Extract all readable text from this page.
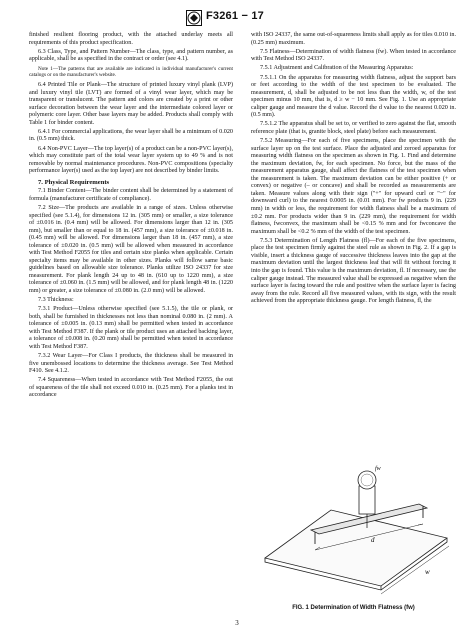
F3261 − 17

finished resilient flooring product, with the attached underlay meets all requirements of this product specification.

6.3 Class, Type, and Pattern Number—The class, type, and pattern number, as applicable, shall be as specified in the contract or order (see 4.1).

Note 1—The patterns that are available are indicated in individual manufacturer's current catalogs or on the manufacturer's website.

6.4 Printed Tile or Plank—The structure of printed luxury vinyl plank (LVP) and luxury vinyl tile (LVT) are formed of a vinyl wear layer, which may be transparent or translucent. The pattern and colors are created by a print or other surface decoration between the wear layer and the intermediate colored layer or polymeric core layer. Other base layers may be added. Products shall comply with Table 1 for binder content.

6.4.1 For commercial applications, the wear layer shall be a minimum of 0.020 in. (0.5 mm) thick.

6.4 Non-PVC Layer—The top layer(s) of a product can be a non-PVC layer(s), which may constitute part of the total wear layer system up to 49 % and is not removable by normal maintenance procedures. Non-PVC compositions (specialty performance layer(s) used as the top layer) are not described by binder limits.

7. Physical Requirements

7.1 Binder Content—The binder content shall be determined by a statement of formula (manufacturer certificate of compliance).

7.2 Size—The products are available in a range of sizes. Unless otherwise specified (see 5.1.4), for dimensions 12 in. (305 mm) or smaller, a size tolerance of ±0.016 in. (0.4 mm) will be allowed. For dimensions larger than 12 in. (305 mm), but smaller than or equal to 18 in. (457 mm), a size tolerance of ±0.018 in. (0.45 mm) will be allowed. For dimensions larger than 18 in. (457 mm), a size tolerance of ±0.020 in. (0.5 mm) will be allowed when measured in accordance with Test Method F2055 for tiles and certain size planks when applicable. Certain specialty items may be available in other sizes. Planks will follow same basic guidelines based on allowable size tolerance. Planks utilize ISO 24337 for size measurement. For plank length 24 up to 48 in. (610 up to 1220 mm), a size tolerance of ±0.060 in. (1.5 mm) will be allowed, and for plank length 48 in. (1220 mm) or greater, a size tolerance of ±0.080 in. (2.0 mm) will be allowed.

7.3 Thickness:

7.3.1 Product—Unless otherwise specified (see 5.1.5), the tile or plank, or both, shall be furnished in thicknesses not less than nominal 0.080 in. (2 mm). A tolerance of ±0.005 in. (0.13 mm) shall be permitted when tested in accordance with Test Method F387. If the plank or tile product uses an attached backing layer, a tolerance of ±0.008 in. (0.20 mm) shall be permitted when tested in accordance with Test Method F387.

7.3.2 Wear Layer—For Class I products, the thickness shall be measured in five unembossed locations to determine the thickness average. See Test Method F410. See 4.1.2.

7.4 Squareness—When tested in accordance with Test Method F2055, the out of squareness of the tile shall not exceed 0.010 in. (0.25 mm). For a planks test in accordance

with ISO 24337, the same out-of-squareness limits shall apply as for tiles 0.010 in. (0.25 mm) maximum.

7.5 Flatness—Determination of width flatness (fw). When tested in accordance with Test Method ISO 24337.

7.5.1 Adjustment and Calibration of the Measuring Apparatus:

7.5.1.1 On the apparatus for measuring width flatness, adjust the support bars or feet according to the width of the test specimen to be evaluated. The measurement, d, shall be adjusted to be not less than the width, w, of the test specimen minus 10 mm, that is, d ≥ w − 10 mm. See Fig. 1. Use an appropriate caliper gauge and measure the d value. Record the d value to the nearest 0.020 in. (0.5 mm).

7.5.1.2 The apparatus shall be set to, or verified to zero against the flat, smooth reference plate (that is, granite block, steel plate) before each measurement.

7.5.2 Measuring—For each of five specimens, place the specimen with the surface layer up on the test surface. Place the adjusted and zeroed apparatus for measuring width flatness on the specimen as shown in Fig. 1. Find and determine the maximum deviation, fw, for each specimen. No force, but the mass of the measurement apparatus gauge, shall affect the flatness of the test specimen when the measurement is taken. The maximum deviation can be either positive (+ or convex) or negative (– or concave) and shall be recorded as measurements are taken. Measure values along with their sign ("+" for upward curl or "−" for downward curl) to the nearest 0.0005 in. (0.01 mm). For fw products 9 in. (229 mm) in width or less, the requirement for width flatness shall be a maximum of ±0.2 mm. For products wider than 9 in. (229 mm), the requirement for width flatness, fwconvex, the maximum shall be <0.15 % mm and for fwconcave the maximum shall be <0.2 % mm of the width of the test specimen.

7.5.3 Determination of Length Flatness (fl)—For each of the five specimens, place the test specimen firmly against the steel rule as shown in Fig. 2. If a gap is visible, insert a thickness gauge of successive thickness leaves into the gap at the maximum deviation until the largest thickness leaf that will fit without forcing it into the gap is found. This value is the maximum deviation, fl. If necessary, use the caliper gauge instead. The measured value shall be expressed as negative when the surface layer is facing toward the rule and positive when the surface layer is facing away from the rule. Record all five measured values, with its sign, with the result achieved from the appropriate thickness gauge. For length flatness, fl, the

d
w
fw
FIG. 1 Determination of Width Flatness (fw)
3
